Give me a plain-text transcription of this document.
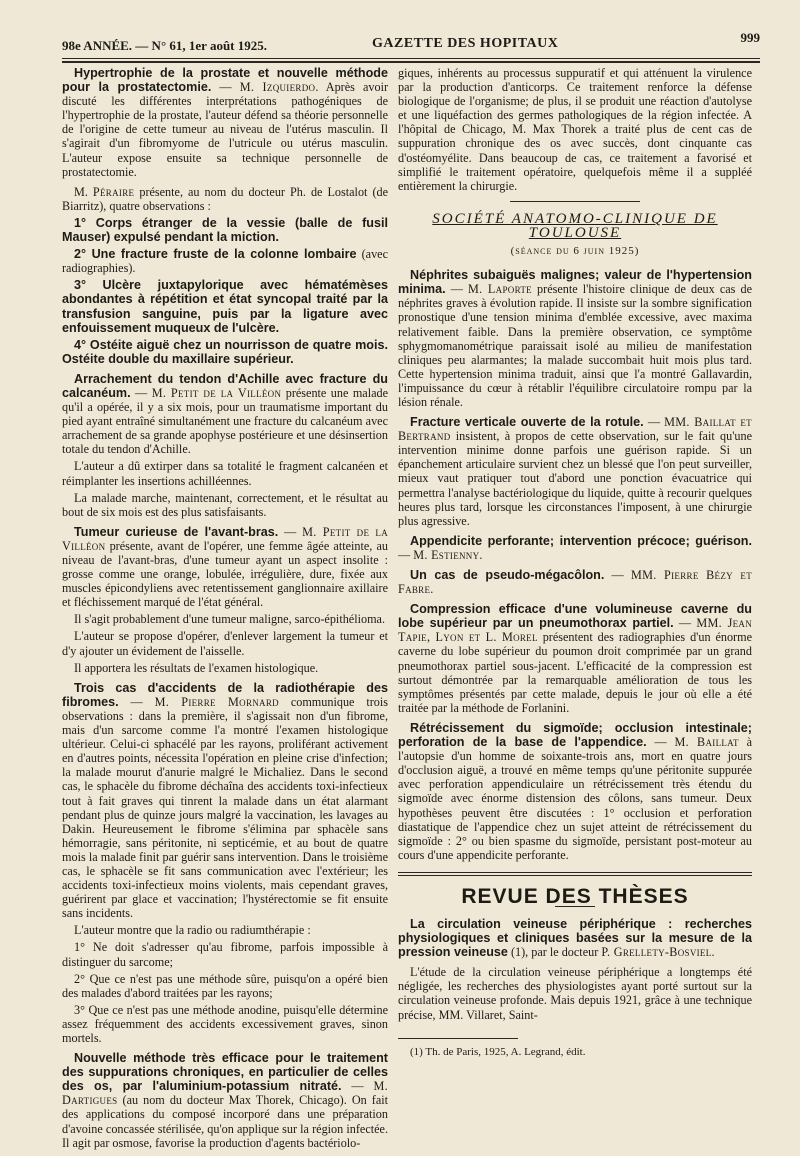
98e ANNÉE. — N° 61, 1er août 1925.	GAZETTE DES HOPITAUX	999

Hypertrophie de la prostate et nouvelle méthode pour la prostatectomie. — M. Izquierdo. Après avoir discuté les différentes interprétations pathogéniques de l'hypertrophie de la prostate, l'auteur défend sa théorie personnelle de l'origine de cette tumeur au niveau de l'utérus masculin. Il s'agirait d'un fibromyome de l'utricule ou utérus masculin. L'auteur expose ensuite sa technique personnelle de prostatectomie.

M. Péraire présente, au nom du docteur Ph. de Lostalot (de Biarritz), quatre observations :

1° Corps étranger de la vessie (balle de fusil Mauser) expulsé pendant la miction.

2° Une fracture fruste de la colonne lombaire (avec radiographies).

3° Ulcère juxtapylorique avec hématémèses abondantes à répétition et état syncopal traité par la transfusion sanguine, puis par la ligature avec enfouissement muqueux de l'ulcère.

4° Ostéite aiguë chez un nourrisson de quatre mois. Ostéite double du maxillaire supérieur.

Arrachement du tendon d'Achille avec fracture du calcanéum. — M. Petit de la Villéon présente une malade qu'il a opérée, il y a six mois, pour un traumatisme important du pied ayant entraîné simultanément une fracture du calcanéum avec arrachement de sa grande apophyse postérieure et une désinsertion totale du tendon d'Achille.

L'auteur a dû extirper dans sa totalité le fragment calcanéen et réimplanter les insertions achilléennes.

La malade marche, maintenant, correctement, et le résultat au bout de six mois est des plus satisfaisants.

Tumeur curieuse de l'avant-bras. — M. Petit de la Villéon présente, avant de l'opérer, une femme âgée atteinte, au niveau de l'avant-bras, d'une tumeur ayant un aspect insolite : grosse comme une orange, lobulée, irrégulière, dure, fixée aux muscles épicondyliens avec retentissement ganglionnaire axillaire et fléchissement marqué de l'état général.

Il s'agit probablement d'une tumeur maligne, sarco-épithélioma.

L'auteur se propose d'opérer, d'enlever largement la tumeur et d'y ajouter un évidement de l'aisselle.

Il apportera les résultats de l'examen histologique.

Trois cas d'accidents de la radiothérapie des fibromes. — M. Pierre Mornard communique trois observations : dans la première, il s'agissait non d'un fibrome, mais d'un sarcome comme l'a montré l'examen histologique ultérieur. Celui-ci sphacélé par les rayons, proliférant activement en d'autres points, nécessita l'opération en pleine crise d'infection; la malade mourut d'anurie malgré le Michaliez. Dans le second cas, le sphacèle du fibrome déchaîna des accidents toxi-infectieux tout à fait graves qui tinrent la malade dans un état alarmant pendant plus de quinze jours malgré la vaccination, les lavages au Dakin. Heureusement le fibrome s'élimina par sphacèle sans hémorragie, sans péritonite, ni septicémie, et au bout de quatre mois la malade finit par guérir sans intervention. Dans le troisième cas, le sphacèle se fit sans communication avec l'extérieur; les accidents toxi-infectieux moins violents, mais cependant graves, guérirent par glace et vaccination; l'hystérectomie se fit ensuite sans incidents.

L'auteur montre que la radio ou radiumthérapie :

1° Ne doit s'adresser qu'au fibrome, parfois impossible à distinguer du sarcome;

2° Que ce n'est pas une méthode sûre, puisqu'on a opéré bien des malades d'abord traitées par les rayons;

3° Que ce n'est pas une méthode anodine, puisqu'elle détermine assez fréquemment des accidents excessivement graves, sinon mortels.

Nouvelle méthode très efficace pour le traitement des suppurations chroniques, en particulier de celles des os, par l'aluminium-potassium nitraté. — M. Dartigues (au nom du docteur Max Thorek, Chicago). On fait des applications du composé incorporé dans une préparation d'avoine concassée stérilisée, qu'on applique sur la région infectée. Il agit par osmose, favorise la production d'agents bactériolo-

giques, inhérents au processus suppuratif et qui atténuent la virulence par la production d'anticorps. Ce traitement renforce la défense biologique de l'organisme; de plus, il se produit une réaction d'autolyse et une liquéfaction des germes pathologiques de la région infectée. A l'hôpital de Chicago, M. Max Thorek a traité plus de cent cas de suppuration chronique des os avec succès, dont cinquante cas d'ostéomyélite. Dans beaucoup de cas, ce traitement a favorisé et simplifié le traitement opératoire, quelquefois même il a suppléé entièrement la chirurgie.

SOCIÉTÉ ANATOMO-CLINIQUE DE TOULOUSE
(séance du 6 juin 1925)

Néphrites subaiguës malignes; valeur de l'hypertension minima. — M. Laporte présente l'histoire clinique de deux cas de néphrites graves à évolution rapide. Il insiste sur la sombre signification pronostique d'une tension minima d'emblée excessive, avec maxima relativement faible. Dans la première observation, ce symptôme sphygmomanométrique paraissait isolé au milieu de manifestation cliniques peu alarmantes; la malade succombait huit mois plus tard. Cette hypertension minima traduit, ainsi que l'a montré Gallavardin, l'impuissance du cœur à rétablir l'équilibre circulatoire rompu par la lésion rénale.

Fracture verticale ouverte de la rotule. — MM. Baillat et Bertrand insistent, à propos de cette observation, sur le fait qu'une intervention minime donne parfois une guérison rapide. Si un épanchement articulaire survient chez un blessé que l'on peut surveiller, mieux vaut pratiquer tout d'abord une ponction évacuatrice qui permettra l'analyse bactériologique du liquide, quitte à recourir quelques heures plus tard, lorsque les circonstances l'imposent, à une chirurgie plus agressive.

Appendicite perforante; intervention précoce; guérison. — M. Estienny.

Un cas de pseudo-mégacôlon. — MM. Pierre Bézy et Fabre.

Compression efficace d'une volumineuse caverne du lobe supérieur par un pneumothorax partiel. — MM. Jean Tapie, Lyon et L. Morel présentent des radiographies d'un énorme caverne du lobe supérieur du poumon droit comprimée par un grand pneumothorax partiel sous-jacent. L'efficacité de la compression est surtout démontrée par la remarquable amélioration de tous les symptômes présentés par cette malade, depuis le jour où elle a été traitée par la méthode de Forlanini.

Rétrécissement du sigmoïde; occlusion intestinale; perforation de la base de l'appendice. — M. Baillat à l'autopsie d'un homme de soixante-trois ans, mort en quatre jours d'occlusion aiguë, a trouvé en même temps qu'une péritonite suppurée avec perforation appendiculaire un rétrécissement très étendu du sigmoïde avec énorme distension des côlons, sans tumeur. Deux hypothèses peuvent être discutées : 1° occlusion et perforation diastatique de l'appendice chez un sujet atteint de rétrécissement du sigmoïde : 2° ou bien spasme du sigmoïde, persistant post-moteur au cours d'une appendicite perforante.

REVUE DES THÈSES

La circulation veineuse périphérique : recherches physiologiques et cliniques basées sur la mesure de la pression veineuse (1), par le docteur P. Grellety-Bosviel.

L'étude de la circulation veineuse périphérique a longtemps été négligée, les recherches des physiologistes ayant porté surtout sur la circulation veineuse profonde. Mais depuis 1921, grâce à une technique précise, MM. Villaret, Saint-

(1) Th. de Paris, 1925, A. Legrand, édit.
